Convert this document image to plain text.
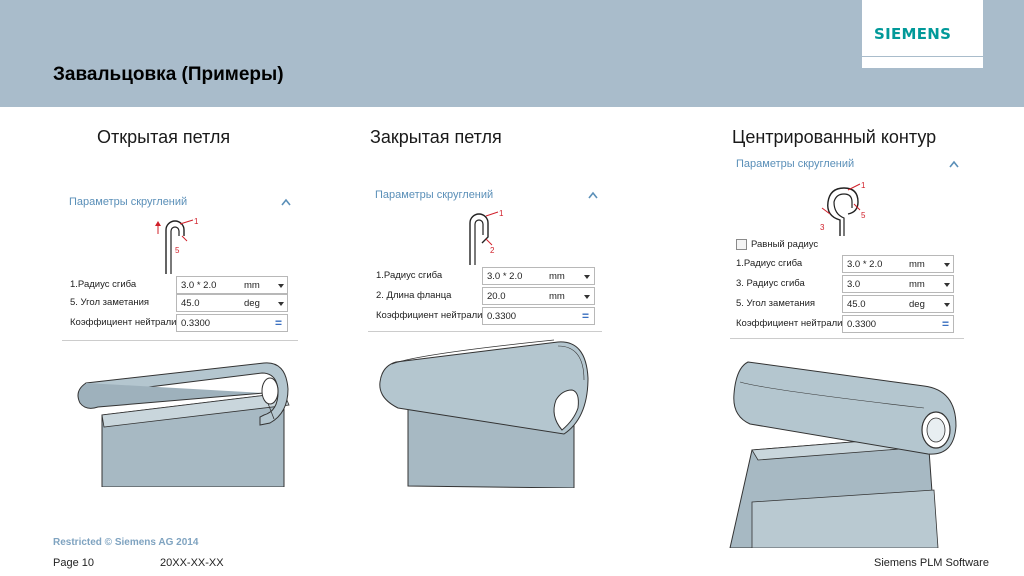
Завальцовка (Примеры)
SIEMENS
Открытая петля
Параметры скруглений
1
5
1.Радиус сгиба	3.0 * 2.0	mm
5. Угол заметания	45.0	deg
Коэффициент нейтрали 0.3300	=
Закрытая петля
Параметры скруглений
1
2
1.Радиус сгиба	3.0 * 2.0	mm
2. Длина фланца	20.0	mm
Коэффициент нейтрали 0.3300	=
Центрированный контур
Параметры скруглений
1
3
5
Равный радиус
1.Радиус сгиба	3.0 * 2.0	mm
3. Радиус сгиба	3.0	mm
5. Угол заметания	45.0	deg
Коэффициент нейтрали 0.3300	=
Restricted © Siemens AG 2014
Page 10	20XX-XX-XX	Siemens PLM Software
